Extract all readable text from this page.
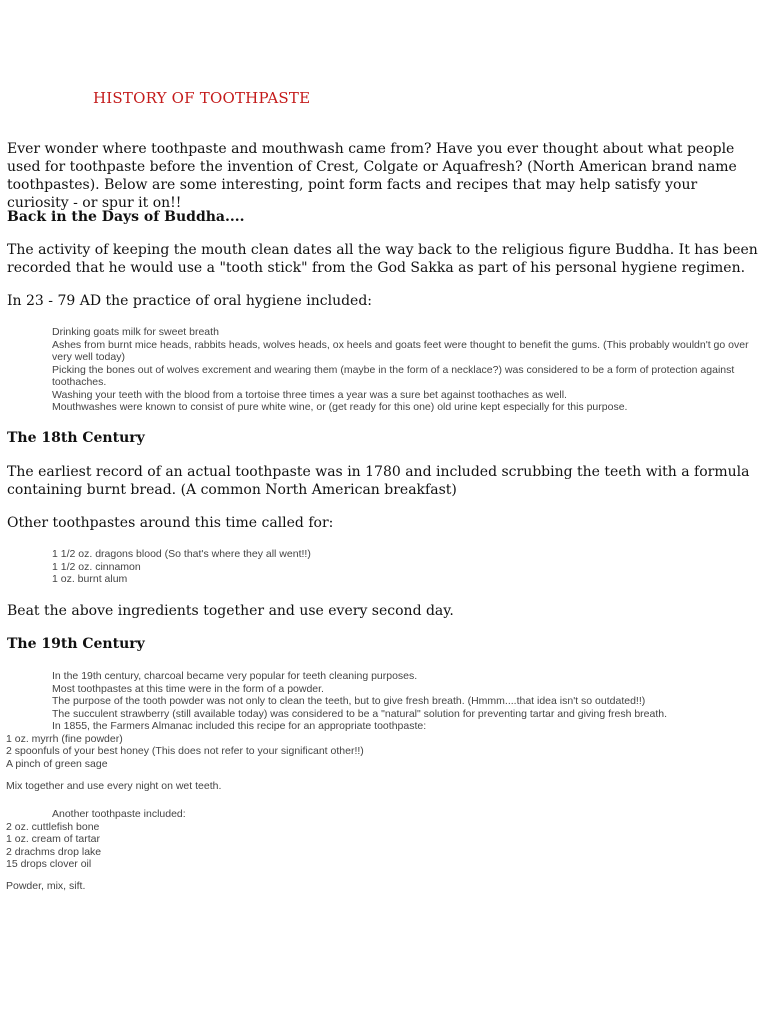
HISTORY OF TOOTHPASTE
Ever wonder where toothpaste and mouthwash came from? Have you ever thought about what people used for toothpaste before the invention of Crest, Colgate or Aquafresh? (North American brand name toothpastes). Below are some interesting, point form facts and recipes that may help satisfy your curiosity - or spur it on!!
Back in the Days of Buddha....
The activity of keeping the mouth clean dates all the way back to the religious figure Buddha. It has been recorded that he would use a "tooth stick" from the God Sakka as part of his personal hygiene regimen.
In 23 - 79 AD the practice of oral hygiene included:
Drinking goats milk for sweet breath
Ashes from burnt mice heads, rabbits heads, wolves heads, ox heels and goats feet were thought to benefit the gums. (This probably wouldn't go over very well today)
Picking the bones out of wolves excrement and wearing them (maybe in the form of a necklace?) was considered to be a form of protection against toothaches.
Washing your teeth with the blood from a tortoise three times a year was a sure bet against toothaches as well.
Mouthwashes were known to consist of pure white wine, or (get ready for this one) old urine kept especially for this purpose.
The 18th Century
The earliest record of an actual toothpaste was in 1780 and included scrubbing the teeth with a formula containing burnt bread. (A common North American breakfast)
Other toothpastes around this time called for:
1 1/2 oz. dragons blood (So that's where they all went!!)
1 1/2 oz. cinnamon
1 oz. burnt alum
Beat the above ingredients together and use every second day.
The 19th Century
In the 19th century, charcoal became very popular for teeth cleaning purposes.
Most toothpastes at this time were in the form of a powder.
The purpose of the tooth powder was not only to clean the teeth, but to give fresh breath. (Hmmm....that idea isn't so outdated!!)
The succulent strawberry (still available today) was considered to be a "natural" solution for preventing tartar and giving fresh breath.
In 1855, the Farmers Almanac included this recipe for an appropriate toothpaste:
1 oz. myrrh (fine powder)
2 spoonfuls of your best honey (This does not refer to your significant other!!)
A pinch of green sage
Mix together and use every night on wet teeth.
Another toothpaste included:
2 oz. cuttlefish bone
1 oz. cream of tartar
2 drachms drop lake
15 drops clover oil
Powder, mix, sift.
